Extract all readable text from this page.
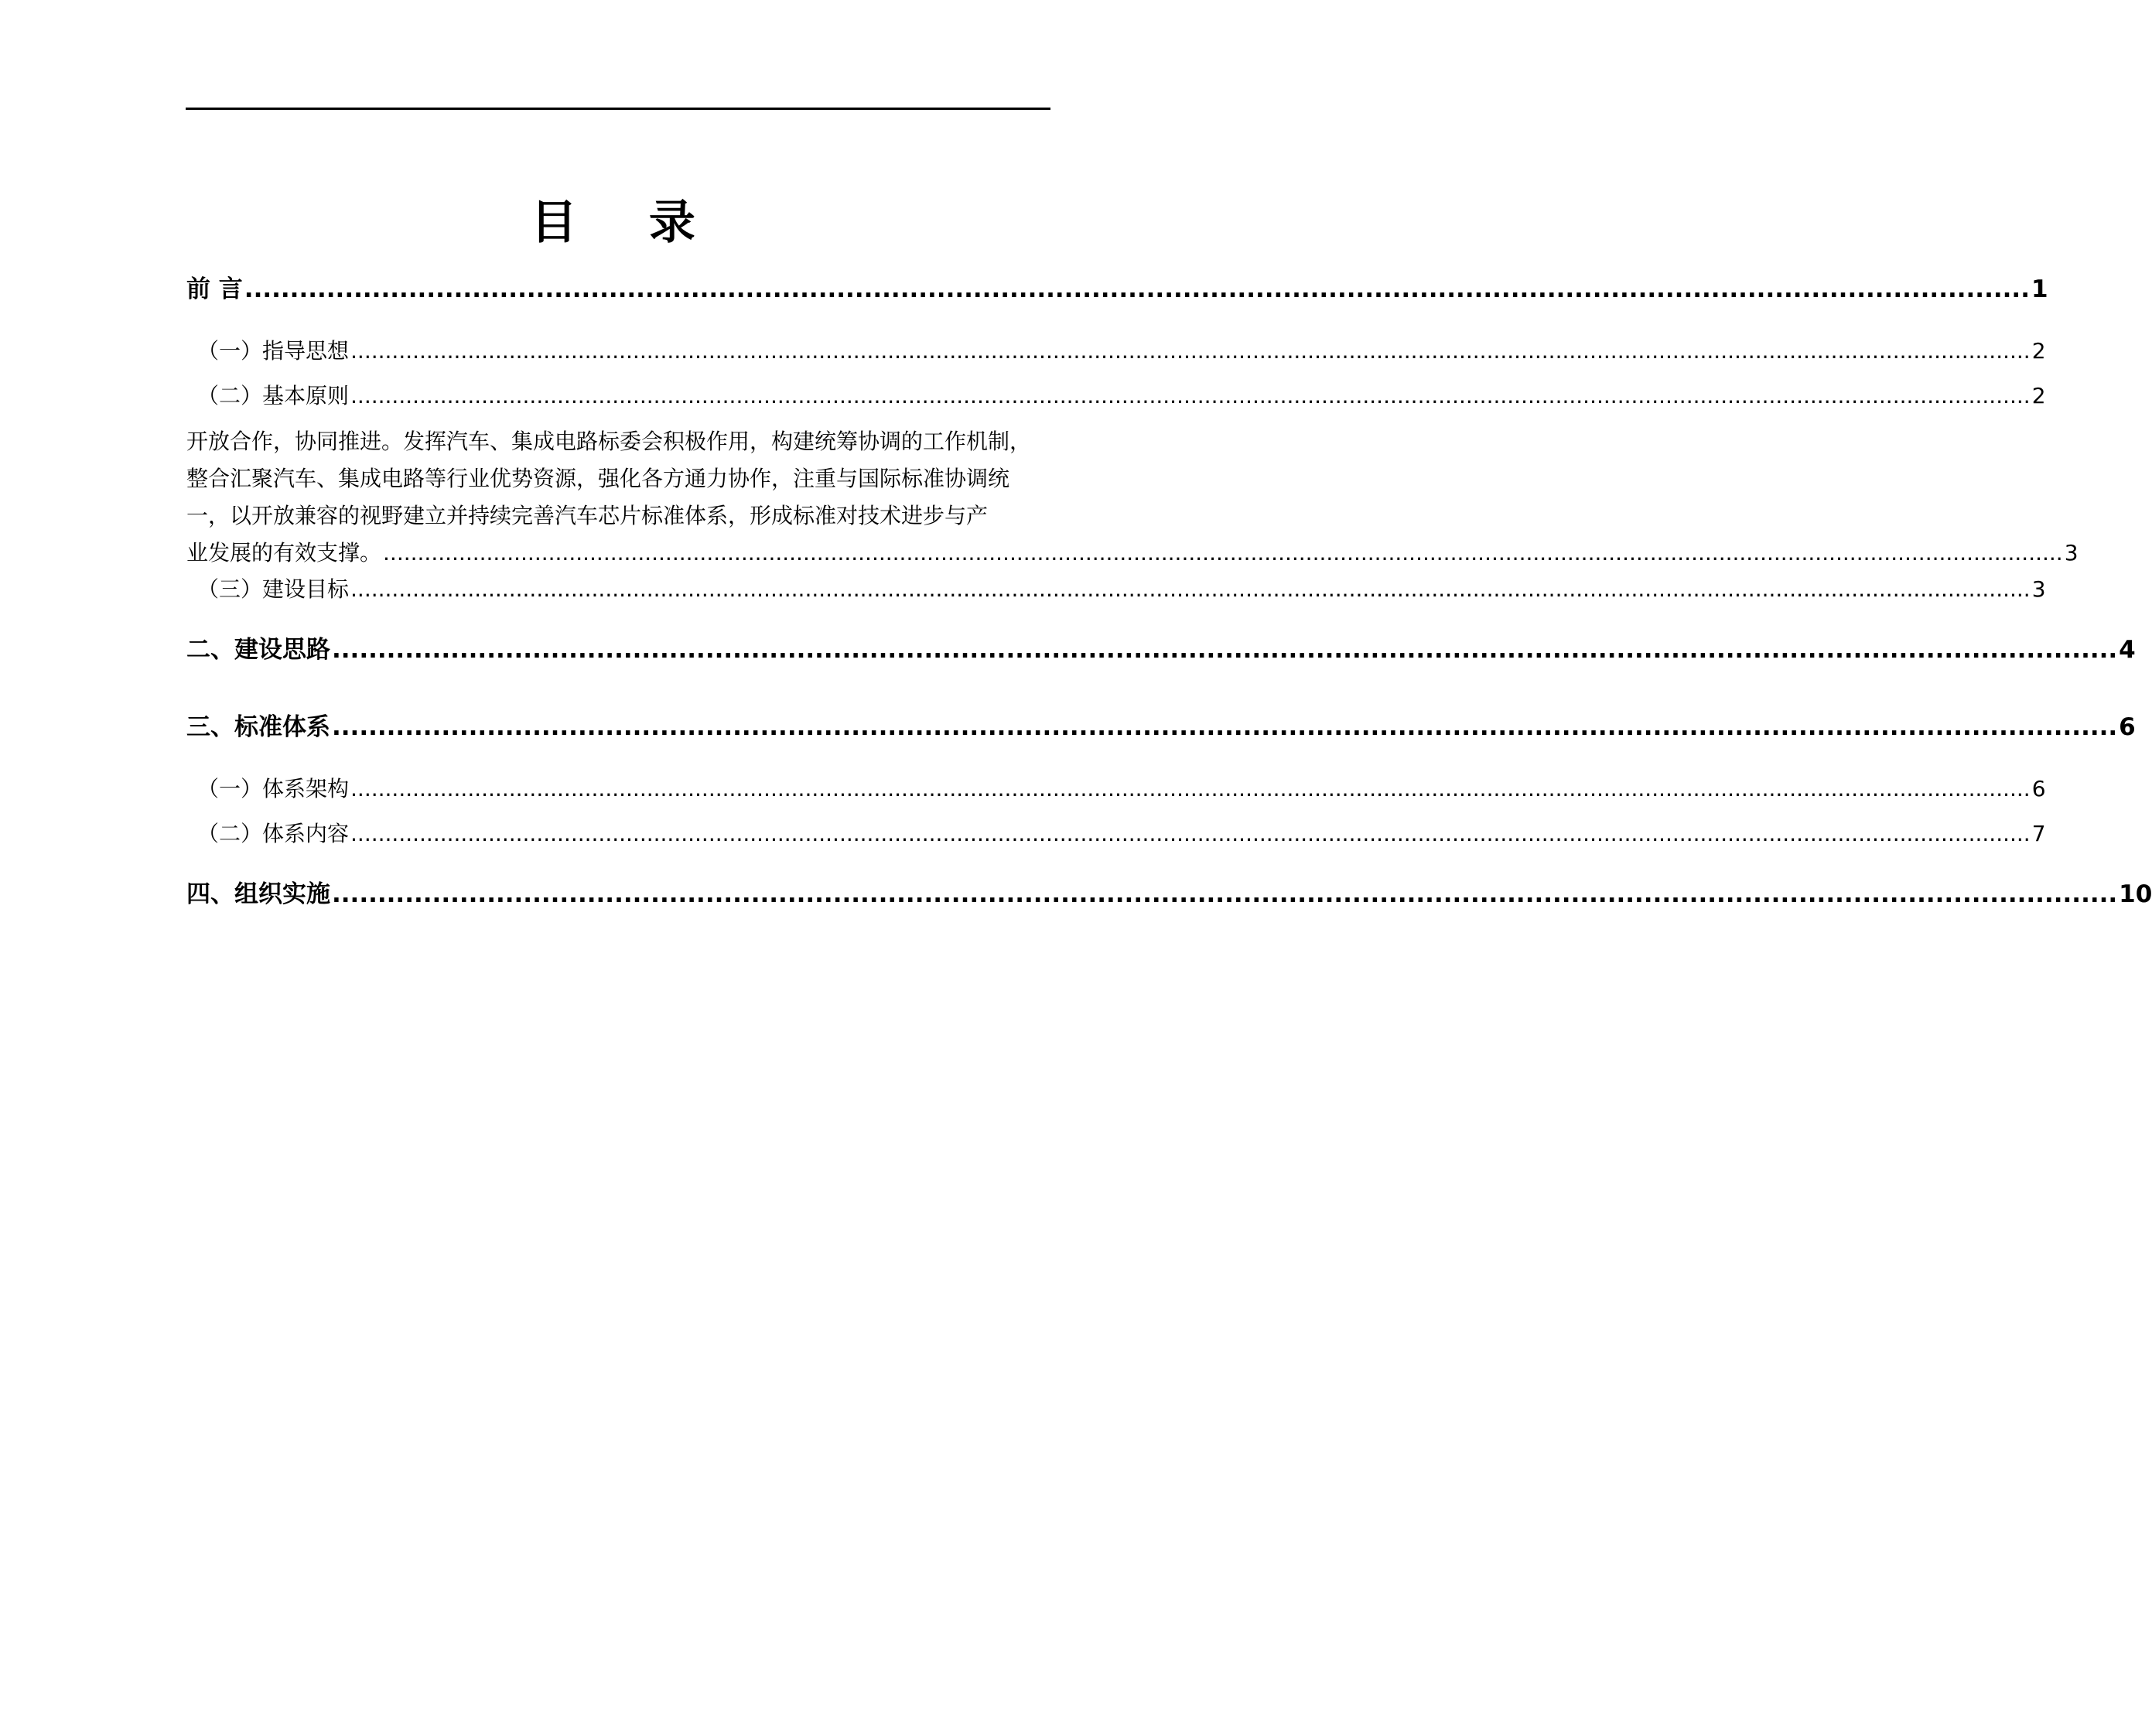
目 录
前 言 .................................................................................................................................................................................................... 1
（一）指导思想 .................................................................................................................................................................................................................................................... 2
（二）基本原则 .................................................................................................................................................................................................................................................... 2
开放合作，协同推进。发挥汽车、集成电路标委会积极作用，构建统筹协调的工作机制，
整合汇聚汽车、集成电路等行业优势资源，强化各方通力协作，注重与国际标准协调统
一，以开放兼容的视野建立并持续完善汽车芯片标准体系，形成标准对技术进步与产
业发展的有效支撑。 .................................................................................................................................................................................................................................................... 3
（三）建设目标 .................................................................................................................................................................................................................................................... 3
二、建设思路 .................................................................................................................................................................................................... 4
三、标准体系 .................................................................................................................................................................................................... 6
（一）体系架构 .................................................................................................................................................................................................................................................... 6
（二）体系内容 .................................................................................................................................................................................................................................................... 7
四、组织实施 .................................................................................................................................................................................................... 10
